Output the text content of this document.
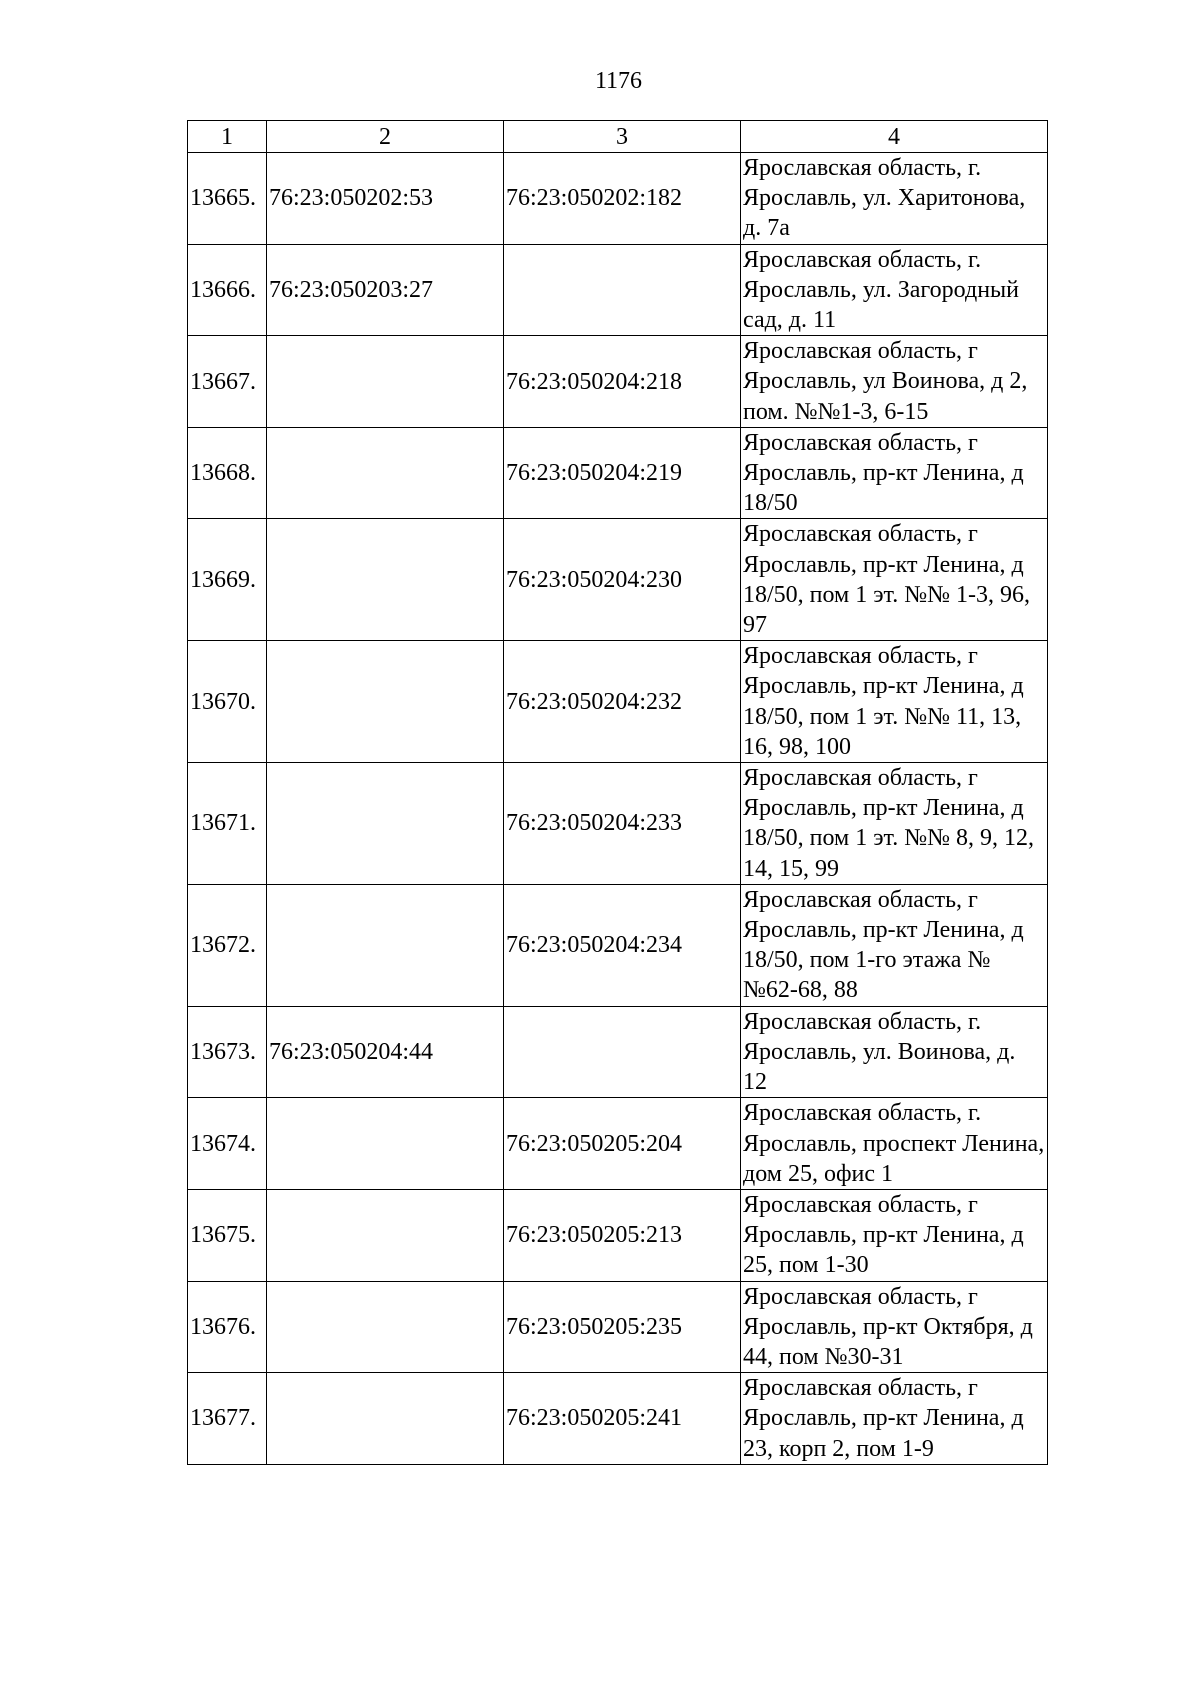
1176
1	2	3	4
13665.	76:23:050202:53	76:23:050202:182	Ярославская область, г. Ярославль, ул. Харитонова, д. 7а
13666.	76:23:050203:27		Ярославская область, г. Ярославль, ул. Загородный сад, д. 11
13667.		76:23:050204:218	Ярославская область, г Ярославль, ул Воинова, д 2, пом. №№1-3, 6-15
13668.		76:23:050204:219	Ярославская область, г Ярославль, пр-кт Ленина, д 18/50
13669.		76:23:050204:230	Ярославская область, г Ярославль, пр-кт Ленина, д 18/50, пом 1 эт. №№ 1-3, 96, 97
13670.		76:23:050204:232	Ярославская область, г Ярославль, пр-кт Ленина, д 18/50, пом 1 эт. №№ 11, 13, 16, 98, 100
13671.		76:23:050204:233	Ярославская область, г Ярославль, пр-кт Ленина, д 18/50, пом 1 эт. №№ 8, 9, 12, 14, 15, 99
13672.		76:23:050204:234	Ярославская область, г Ярославль, пр-кт Ленина, д 18/50, пом 1-го этажа №№62-68, 88
13673.	76:23:050204:44		Ярославская область, г. Ярославль, ул. Воинова, д. 12
13674.		76:23:050205:204	Ярославская область, г. Ярославль, проспект Ленина, дом 25, офис 1
13675.		76:23:050205:213	Ярославская область, г Ярославль, пр-кт Ленина, д 25, пом 1-30
13676.		76:23:050205:235	Ярославская область, г Ярославль, пр-кт Октября, д 44, пом №30-31
13677.		76:23:050205:241	Ярославская область, г Ярославль, пр-кт Ленина, д 23, корп 2, пом 1-9
